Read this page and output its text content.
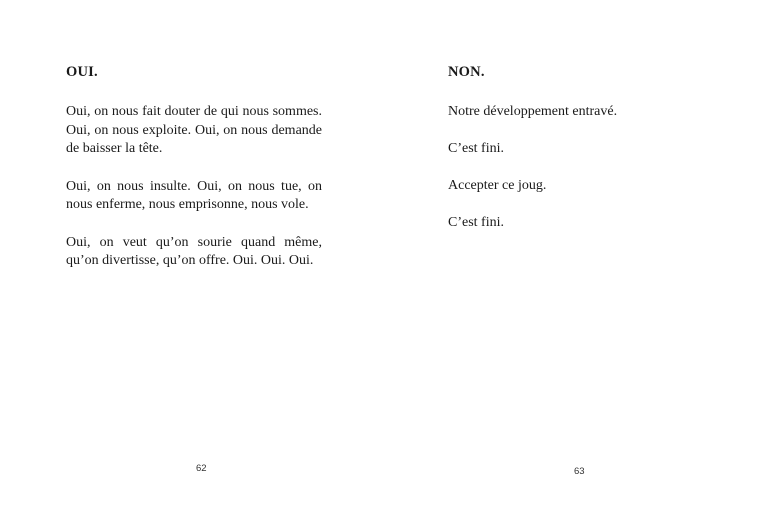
OUI.

Oui, on nous fait douter de qui nous sommes. Oui, on nous exploite. Oui, on nous demande de baisser la tête.

Oui, on nous insulte. Oui, on nous tue, on nous enferme, nous emprisonne, nous vole.

Oui, on veut qu’on sourie quand même, qu’on divertisse, qu’on offre. Oui. Oui. Oui.

62
NON.

Notre développement entravé.

C’est fini.

Accepter ce joug.

C’est fini.

63
